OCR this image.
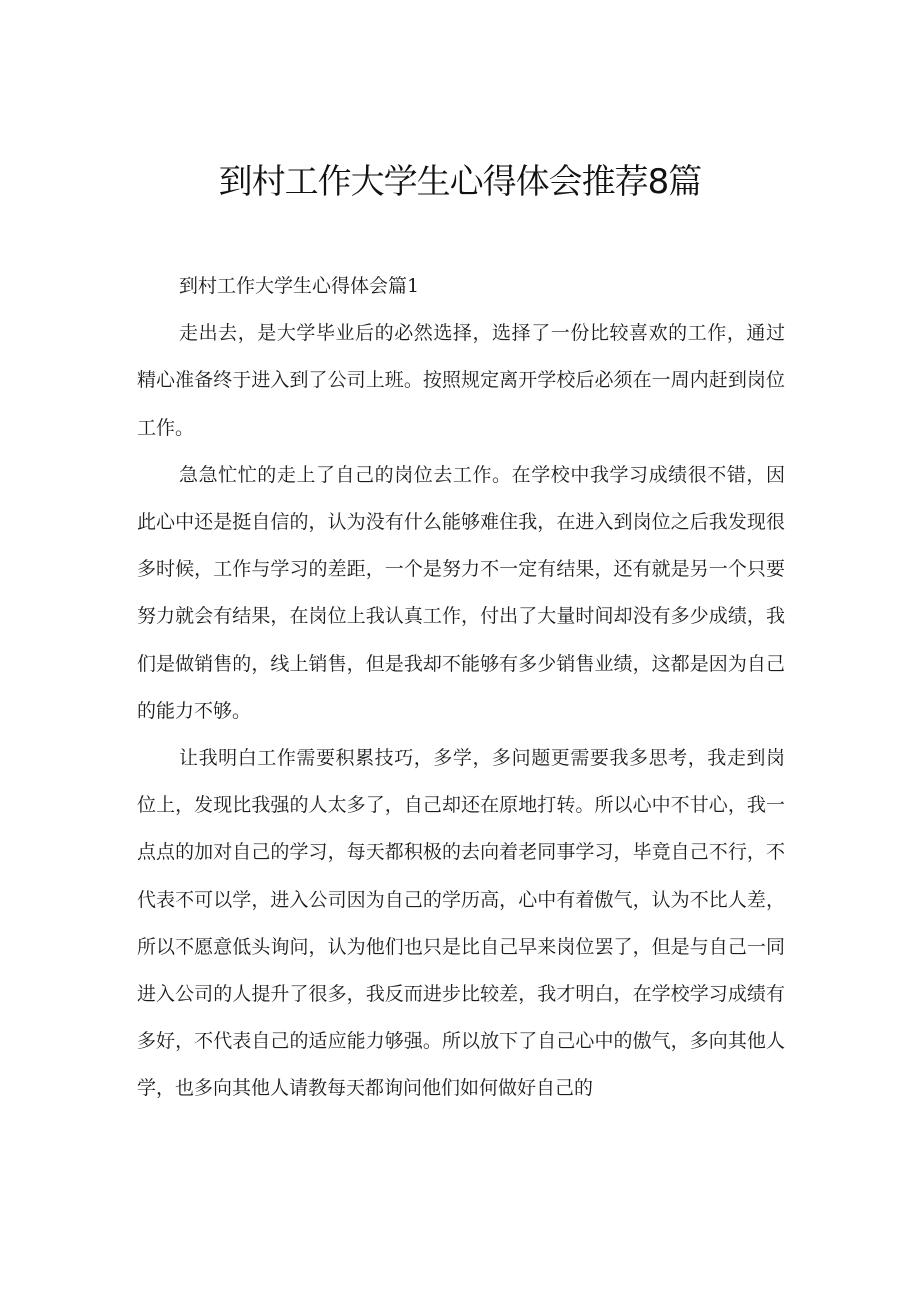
到村工作大学生心得体会推荐8篇

到村工作大学生心得体会篇1

走出去，是大学毕业后的必然选择，选择了一份比较喜欢的工作，通过精心准备终于进入到了公司上班。按照规定离开学校后必须在一周内赶到岗位工作。

急急忙忙的走上了自己的岗位去工作。在学校中我学习成绩很不错，因此心中还是挺自信的，认为没有什么能够难住我，在进入到岗位之后我发现很多时候，工作与学习的差距，一个是努力不一定有结果，还有就是另一个只要努力就会有结果，在岗位上我认真工作，付出了大量时间却没有多少成绩，我们是做销售的，线上销售，但是我却不能够有多少销售业绩，这都是因为自己的能力不够。

让我明白工作需要积累技巧，多学，多问题更需要我多思考，我走到岗位上，发现比我强的人太多了，自己却还在原地打转。所以心中不甘心，我一点点的加对自己的学习，每天都积极的去向着老同事学习，毕竟自己不行，不代表不可以学，进入公司因为自己的学历高，心中有着傲气，认为不比人差，所以不愿意低头询问，认为他们也只是比自己早来岗位罢了，但是与自己一同进入公司的人提升了很多，我反而进步比较差，我才明白，在学校学习成绩有多好，不代表自己的适应能力够强。所以放下了自己心中的傲气，多向其他人学，也多向其他人请教每天都询问他们如何做好自己的
